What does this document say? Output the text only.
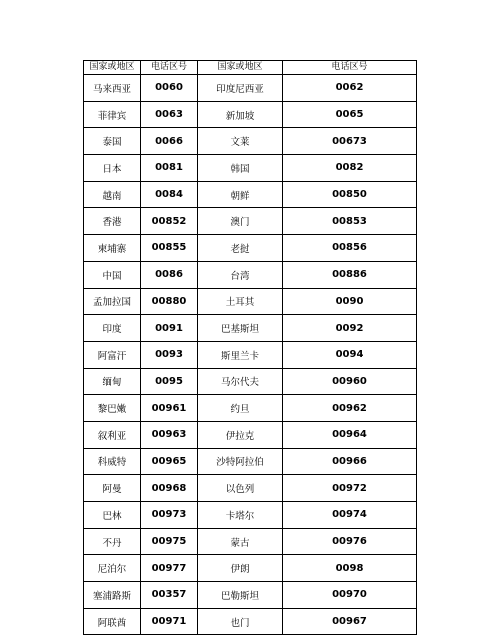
国家或地区	电话区号	国家或地区	电话区号
马来西亚	0060	印度尼西亚	0062
菲律宾	0063	新加坡	0065
泰国	0066	文莱	00673
日本	0081	韩国	0082
越南	0084	朝鲜	00850
香港	00852	澳门	00853
柬埔寨	00855	老挝	00856
中国	0086	台湾	00886
孟加拉国	00880	土耳其	0090
印度	0091	巴基斯坦	0092
阿富汗	0093	斯里兰卡	0094
缅甸	0095	马尔代夫	00960
黎巴嫩	00961	约旦	00962
叙利亚	00963	伊拉克	00964
科威特	00965	沙特阿拉伯	00966
阿曼	00968	以色列	00972
巴林	00973	卡塔尔	00974
不丹	00975	蒙古	00976
尼泊尔	00977	伊朗	0098
塞浦路斯	00357	巴勒斯坦	00970
阿联酋	00971	也门	00967
